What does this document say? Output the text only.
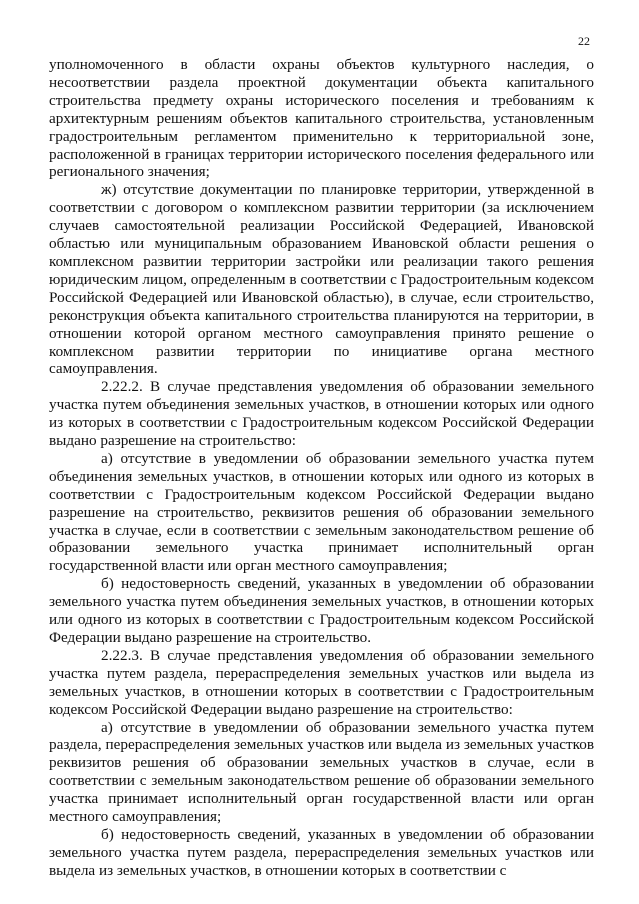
22

уполномоченного в области охраны объектов культурного наследия, о несоответствии раздела проектной документации объекта капитального строительства предмету охраны исторического поселения и требованиям к архитектурным решениям объектов капитального строительства, установленным градостроительным регламентом применительно к территориальной зоне, расположенной в границах территории исторического поселения федерального или регионального значения;

ж) отсутствие документации по планировке территории, утвержденной в соответствии с договором о комплексном развитии территории (за исключением случаев самостоятельной реализации Российской Федерацией, Ивановской областью или муниципальным образованием Ивановской области решения о комплексном развитии территории застройки или реализации такого решения юридическим лицом, определенным в соответствии с Градостроительным кодексом Российской Федерацией или Ивановской областью), в случае, если строительство, реконструкция объекта капитального строительства планируются на территории, в отношении которой органом местного самоуправления принято решение о комплексном развитии территории по инициативе органа местного самоуправления.

2.22.2. В случае представления уведомления об образовании земельного участка путем объединения земельных участков, в отношении которых или одного из которых в соответствии с Градостроительным кодексом Российской Федерации выдано разрешение на строительство:

а) отсутствие в уведомлении об образовании земельного участка путем объединения земельных участков, в отношении которых или одного из которых в соответствии с Градостроительным кодексом Российской Федерации выдано разрешение на строительство, реквизитов решения об образовании земельного участка в случае, если в соответствии с земельным законодательством решение об образовании земельного участка принимает исполнительный орган государственной власти или орган местного самоуправления;

б) недостоверность сведений, указанных в уведомлении об образовании земельного участка путем объединения земельных участков, в отношении которых или одного из которых в соответствии с Градостроительным кодексом Российской Федерации выдано разрешение на строительство.

2.22.3. В случае представления уведомления об образовании земельного участка путем раздела, перераспределения земельных участков или выдела из земельных участков, в отношении которых в соответствии с Градостроительным кодексом Российской Федерации выдано разрешение на строительство:

а) отсутствие в уведомлении об образовании земельного участка путем раздела, перераспределения земельных участков или выдела из земельных участков реквизитов решения об образовании земельных участков в случае, если в соответствии с земельным законодательством решение об образовании земельного участка принимает исполнительный орган государственной власти или орган местного самоуправления;

б) недостоверность сведений, указанных в уведомлении об образовании земельного участка путем раздела, перераспределения земельных участков или выдела из земельных участков, в отношении которых в соответствии с
